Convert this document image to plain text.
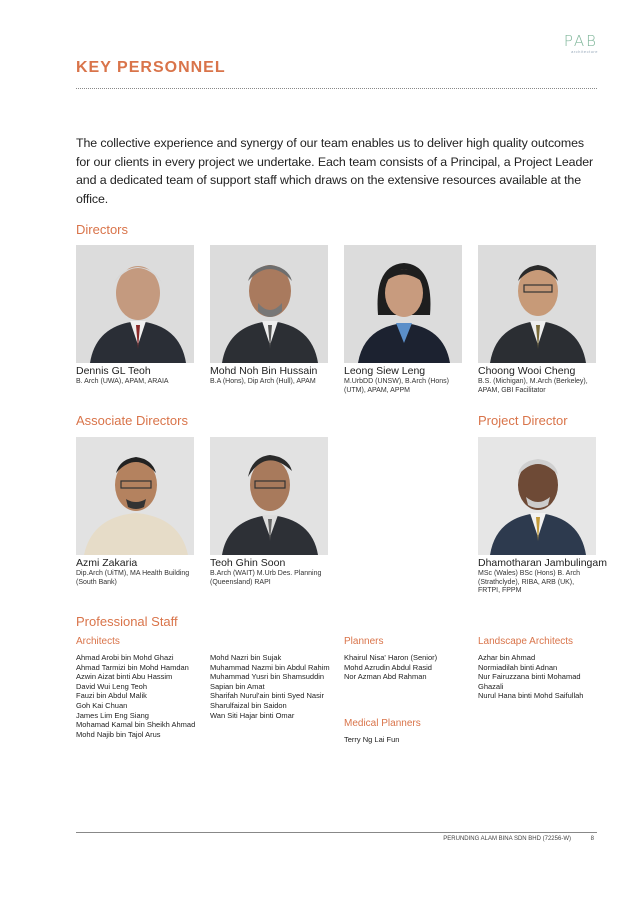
PAB
architecture
KEY PERSONNEL

The collective experience and synergy of our team enables us to deliver high quality outcomes for our clients in every project we undertake. Each team consists of a Principal, a Project Leader and a dedicated team of support staff which draws on the extensive resources available at the office.

Directors
Dennis GL Teoh
B. Arch (UWA), APAM, ARAIA
Mohd Noh Bin Hussain
B.A (Hons), Dip Arch (Hull), APAM
Leong Siew Leng
M.UrbDD (UNSW), B.Arch (Hons) (UTM), APAM, APPM
Choong Wooi Cheng
B.S. (Michigan), M.Arch (Berkeley), APAM, GBI Facilitator
Associate Directors	Project Director
Azmi Zakaria
Dip.Arch (UiTM), MA Health Building (South Bank)
Teoh Ghin Soon
B.Arch (WAIT) M.Urb Des. Planning (Queensland) RAPI
Dhamotharan Jambulingam
MSc (Wales) BSc (Hons) B. Arch (Strathclyde), RIBA, ARB (UK), FRTPI, FPPM
Professional Staff
Architects
Ahmad Arobi bin Mohd Ghazi
Ahmad Tarmizi bin Mohd Hamdan
Azwin Aizat binti Abu Hassim
David Wui Leng Teoh
Fauzi bin Abdul Malik
Goh Kai Chuan
James Lim Eng Siang
Mohamad Kamal bin Sheikh Ahmad
Mohd Najib bin Tajol Arus
Mohd Nazri bin Sujak
Muhammad Nazmi bin Abdul Rahim
Muhammad Yusri bin Shamsuddin
Sapian bin Amat
Sharifah Nurul'ain binti Syed Nasir
Sharulfaizal bin Saidon
Wan Siti Hajar binti Omar
Planners
Khairul Nisa' Haron (Senior)
Mohd Azrudin Abdul Rasid
Nor Azman Abd Rahman
Medical Planners
Terry Ng Lai Fun
Landscape Architects
Azhar bin Ahmad
Normiadilah binti Adnan
Nur Fairuzzana binti Mohamad
Ghazali
Nurul Hana binti Mohd Saifullah
PERUNDING ALAM BINA SDN BHD (72256-W)	8
